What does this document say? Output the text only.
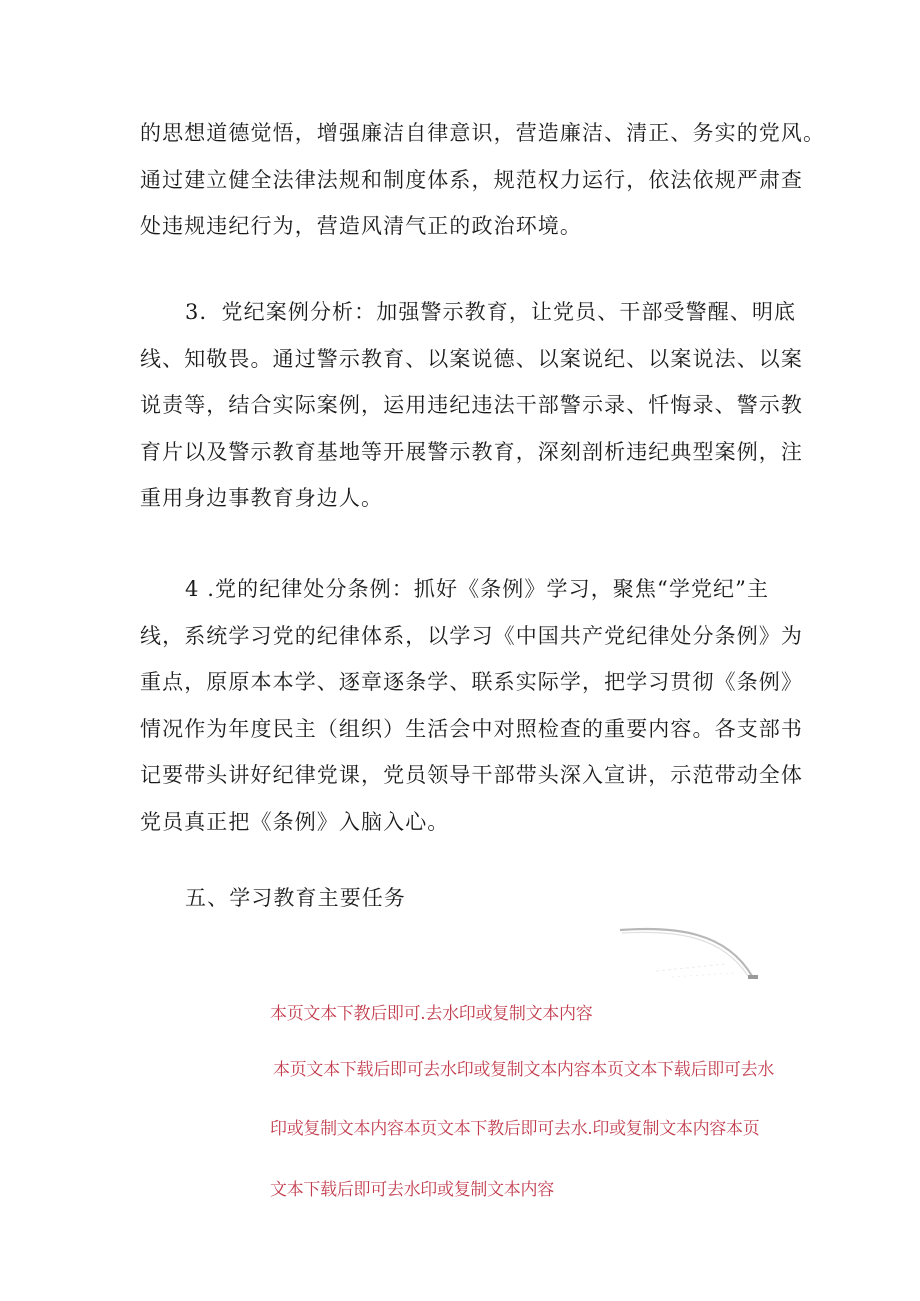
的思想道德觉悟，增强廉洁自律意识，营造廉洁、清正、务实的党风。
通过建立健全法律法规和制度体系，规范权力运行，依法依规严肃查
处违规违纪行为，营造风清气正的政治环境。

3．党纪案例分析：加强警示教育，让党员、干部受警醒、明底
线、知敬畏。通过警示教育、以案说德、以案说纪、以案说法、以案
说责等，结合实际案例，运用违纪违法干部警示录、忏悔录、警示教
育片以及警示教育基地等开展警示教育，深刻剖析违纪典型案例，注
重用身边事教育身边人。

4 .党的纪律处分条例：抓好《条例》学习，聚焦“学党纪”主
线，系统学习党的纪律体系，以学习《中国共产党纪律处分条例》为
重点，原原本本学、逐章逐条学、联系实际学，把学习贯彻《条例》
情况作为年度民主（组织）生活会中对照检查的重要内容。各支部书
记要带头讲好纪律党课，党员领导干部带头深入宣讲，示范带动全体
党员真正把《条例》入脑入心。

五、学习教育主要任务

本页文本下教后即可.去水印或复制文本内容

本页文本下载后即可去水印或复制文本内容本页文本下载后即可去水

印或复制文本内容本页文本下教后即可去水.印或复制文本内容本页

文本下载后即可去水印或复制文本内容
